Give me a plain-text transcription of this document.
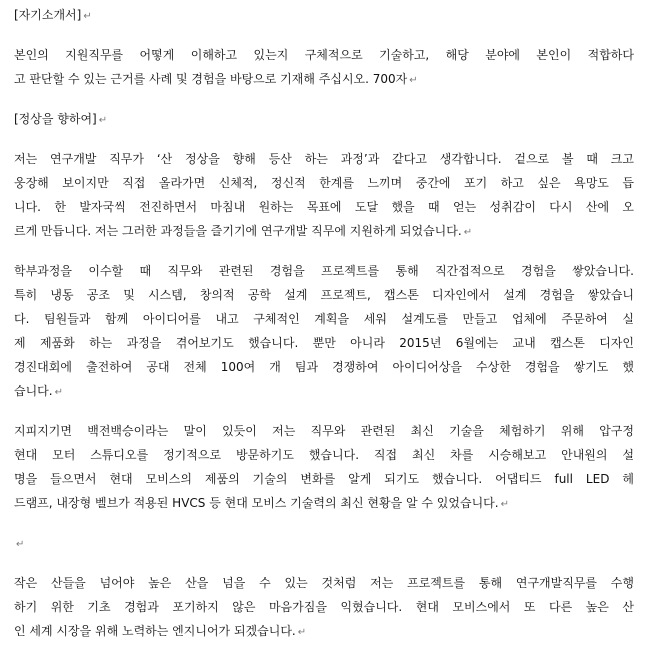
[자기소개서] ↵
본인의 지원직무를 어떻게 이해하고 있는지 구체적으로 기술하고, 해당 분야에 본인이 적합하다
고 판단할 수 있는 근거를 사례 및 경험을 바탕으로 기재해 주십시오. 700자 ↵
[정상을 향하여] ↵
저는 연구개발 직무가 ‘산 정상을 향해 등산 하는 과정’과 같다고 생각합니다. 겉으로 볼 때 크고
웅장해 보이지만 직접 올라가면 신체적, 정신적 한계를 느끼며 중간에 포기 하고 싶은 욕망도 듭
니다. 한 발자국씩 전진하면서 마침내 원하는 목표에 도달 했을 때 얻는 성취감이 다시 산에 오
르게 만듭니다. 저는 그러한 과정들을 즐기기에 연구개발 직무에 지원하게 되었습니다. ↵
학부과정을 이수할 때 직무와 관련된 경험을 프로젝트를 통해 직간접적으로 경험을 쌓았습니다.
특히 냉동 공조 및 시스템, 창의적 공학 설계 프로젝트, 캡스톤 디자인에서 설계 경험을 쌓았습니
다. 팀원들과 함께 아이디어를 내고 구체적인 계획을 세워 설계도를 만들고 업체에 주문하여 실
제 제품화 하는 과정을 겪어보기도 했습니다. 뿐만 아니라 2015년 6월에는 교내 캡스톤 디자인
경진대회에 출전하여 공대 전체 100여 개 팀과 경쟁하여 아이디어상을 수상한 경험을 쌓기도 했
습니다. ↵
지피지기면 백전백승이라는 말이 있듯이 저는 직무와 관련된 최신 기술을 체험하기 위해 압구정
현대 모터 스튜디오를 정기적으로 방문하기도 했습니다. 직접 최신 차를 시승해보고 안내원의 설
명을 들으면서 현대 모비스의 제품의 기술의 변화를 알게 되기도 했습니다. 어댑티드 full LED 헤
드램프, 내장형 벨브가 적용된 HVCS 등 현대 모비스 기술력의 최신 현황을 알 수 있었습니다. ↵
↵
작은 산들을 넘어야 높은 산을 넘을 수 있는 것처럼 저는 프로젝트를 통해 연구개발직무를 수행
하기 위한 기초 경험과 포기하지 않은 마음가짐을 익혔습니다. 현대 모비스에서 또 다른 높은 산
인 세계 시장을 위해 노력하는 엔지니어가 되겠습니다. ↵
